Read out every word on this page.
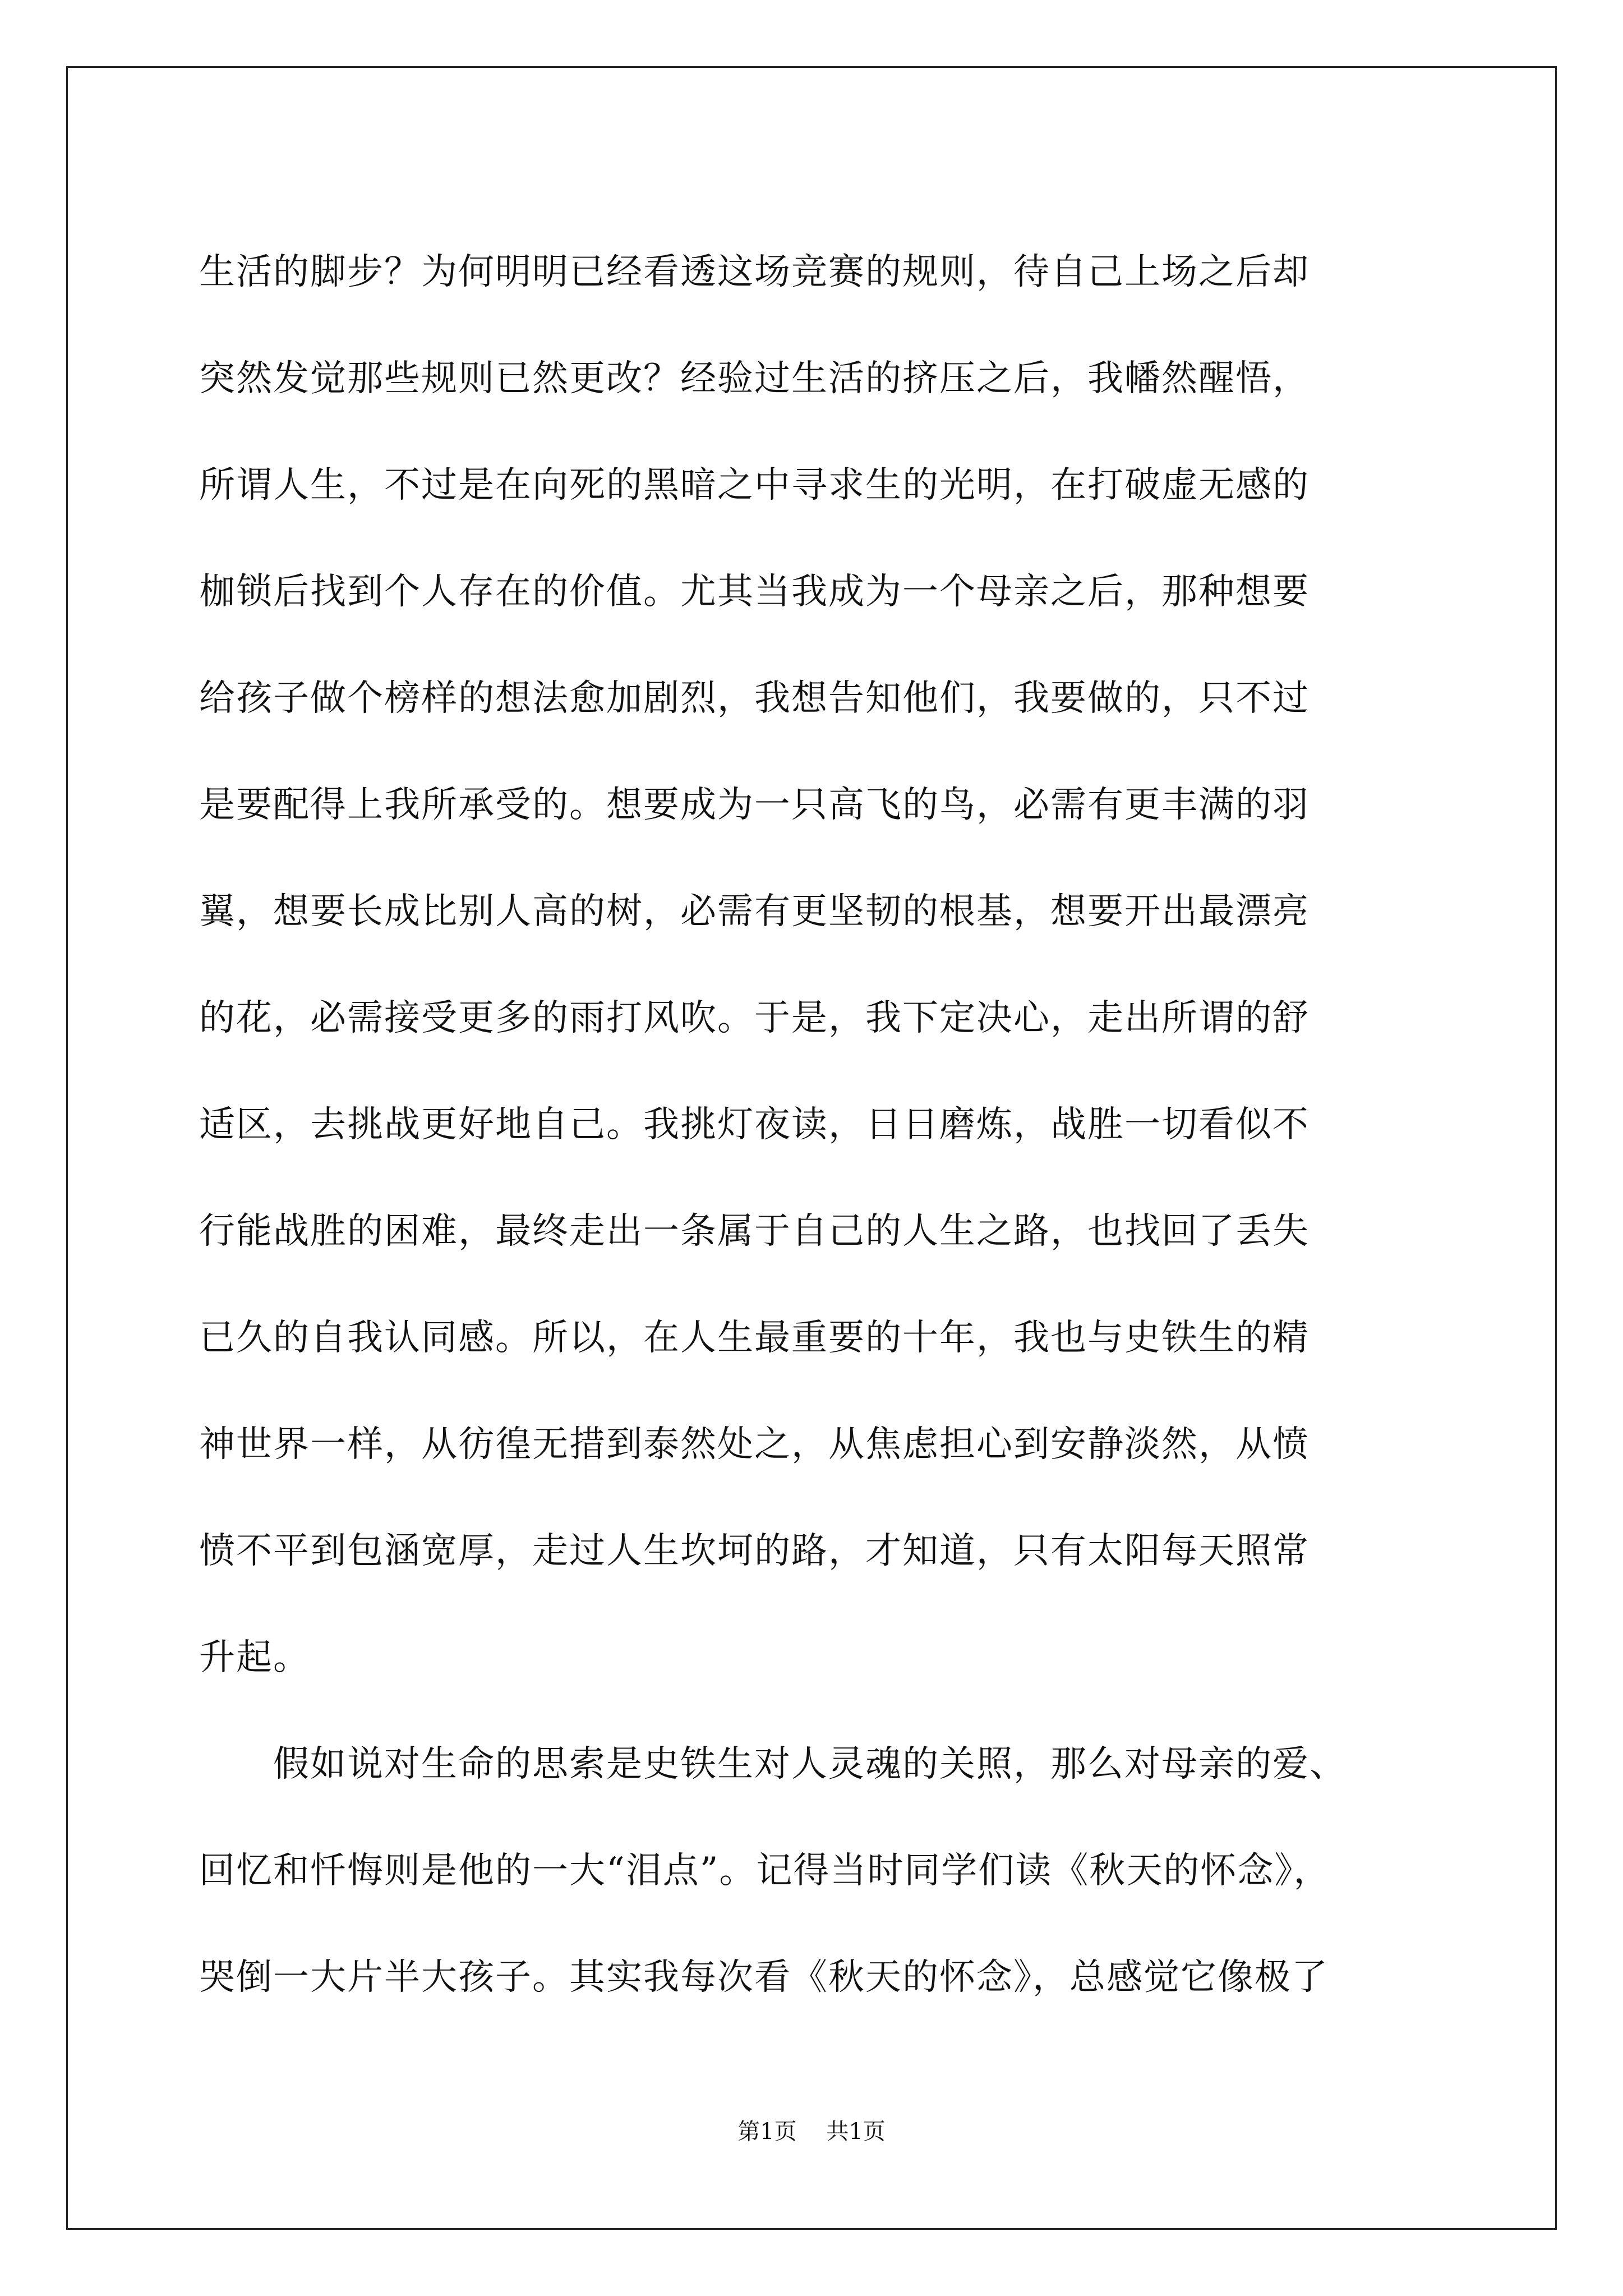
生活的脚步？为何明明已经看透这场竞赛的规则，待自己上场之后却
突然发觉那些规则已然更改？经验过生活的挤压之后，我幡然醒悟，
所谓人生，不过是在向死的黑暗之中寻求生的光明，在打破虚无感的
枷锁后找到个人存在的价值。尤其当我成为一个母亲之后，那种想要
给孩子做个榜样的想法愈加剧烈，我想告知他们，我要做的，只不过
是要配得上我所承受的。想要成为一只高飞的鸟，必需有更丰满的羽
翼，想要长成比别人高的树，必需有更坚韧的根基，想要开出最漂亮
的花，必需接受更多的雨打风吹。于是，我下定决心，走出所谓的舒
适区，去挑战更好地自己。我挑灯夜读，日日磨炼，战胜一切看似不
行能战胜的困难，最终走出一条属于自己的人生之路，也找回了丢失
已久的自我认同感。所以，在人生最重要的十年，我也与史铁生的精
神世界一样，从彷徨无措到泰然处之，从焦虑担心到安静淡然，从愤
愤不平到包涵宽厚，走过人生坎坷的路，才知道，只有太阳每天照常
升起。
　　假如说对生命的思索是史铁生对人灵魂的关照，那么对母亲的爱、
回忆和忏悔则是他的一大“泪点”。记得当时同学们读《秋天的怀念》，
哭倒一大片半大孩子。其实我每次看《秋天的怀念》，总感觉它像极了
第1页 共1页
